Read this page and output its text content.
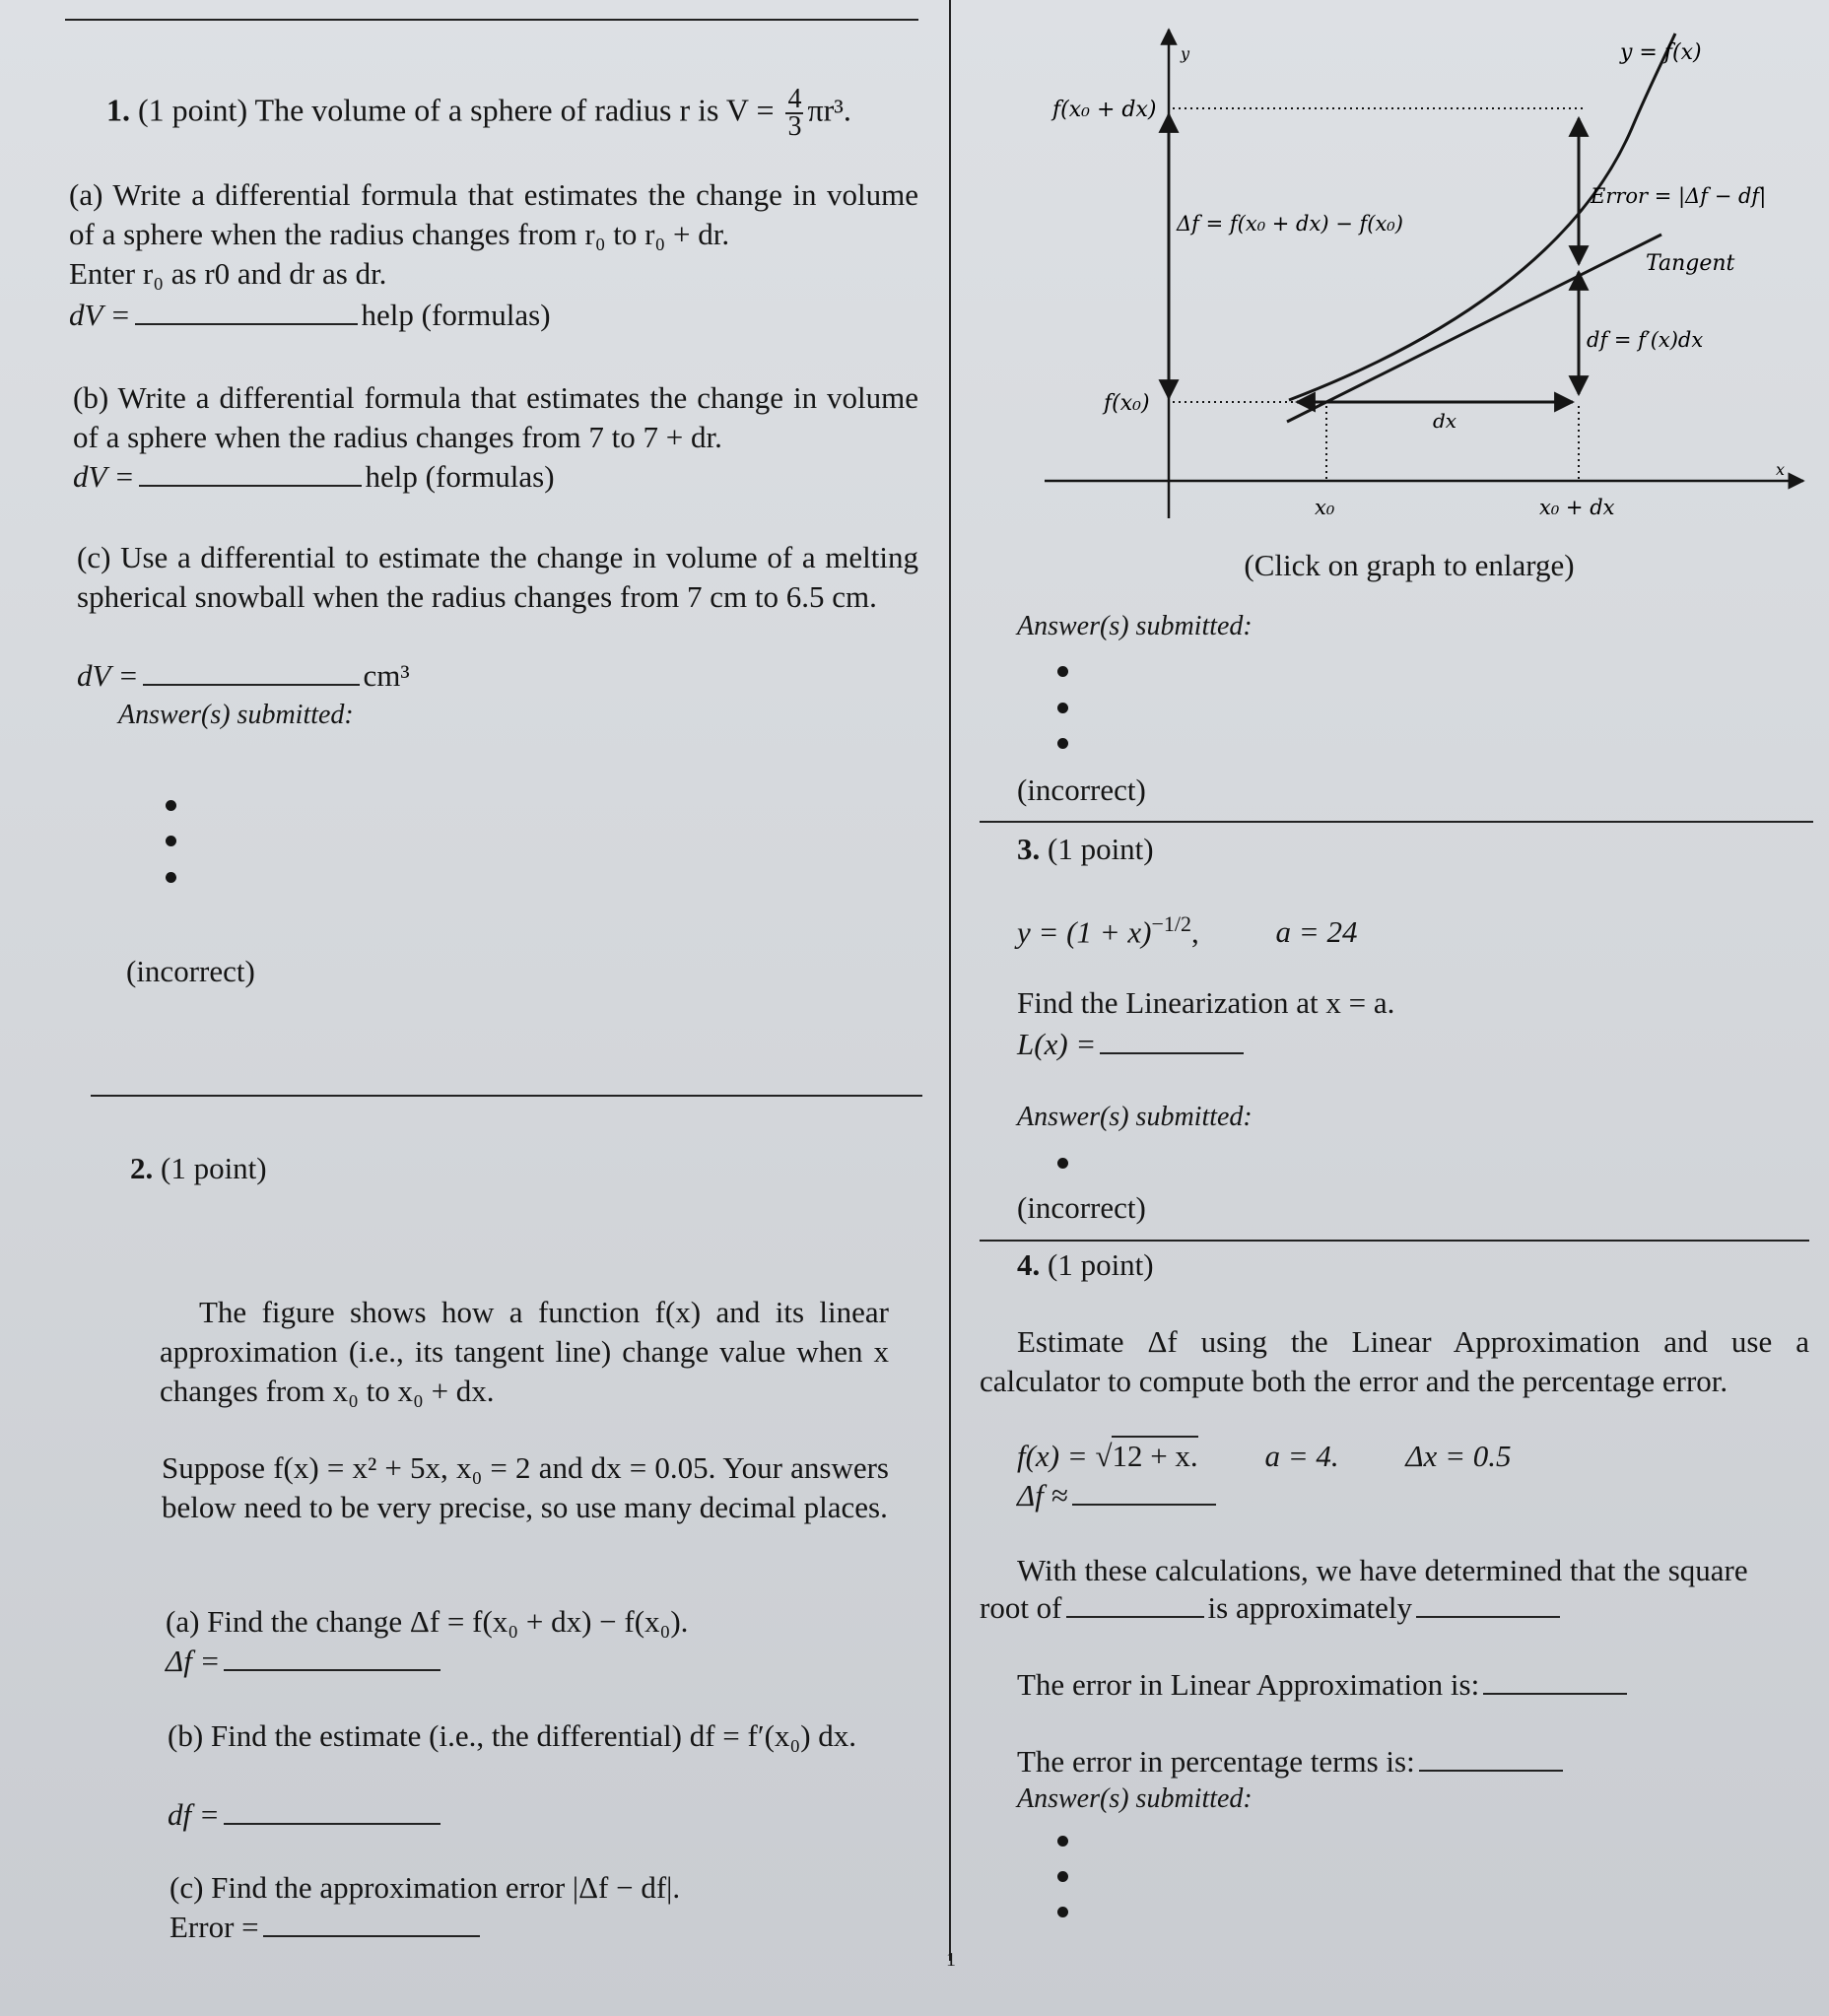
1. (1 point) The volume of a sphere of radius r is $V = \frac{4}{3} \pi r^3$.
(a) Write a differential formula that estimates the change in volume of a sphere when the radius changes from r₀ to r₀ + dr.
Enter r₀ as r0 and dr as dr.
dV =	help (formulas)
(b) Write a differential formula that estimates the change in volume of a sphere when the radius changes from 7 to 7 + dr.
dV =	help (formulas)
(c) Use a differential to estimate the change in volume of a melting spherical snowball when the radius changes from 7 cm to 6.5 cm.
dV =	cm³
Answer(s) submitted:
(incorrect)
2. (1 point)
The figure shows how a function f(x) and its linear approximation (i.e., its tangent line) change value when x changes from x₀ to x₀ + dx.
Suppose f(x) = x² + 5x, x₀ = 2 and dx = 0.05. Your answers below need to be very precise, so use many decimal places.
(a) Find the change Δf = f(x₀ + dx) − f(x₀).
Δf =
(b) Find the estimate (i.e., the differential) df = f′(x₀) dx.
df =
(c) Find the approximation error |Δf − df|.
Error =
1
y
x
y = f(x)
Tangent
f(x₀ + dx)
Δf = f(x₀ + dx) − f(x₀)
Error = |Δf − df|
df = f′(x)dx
f(x₀)
dx
x₀	x₀ + dx
(Click on graph to enlarge)
Answer(s) submitted:
(incorrect)
3. (1 point)
$y = (1 + x)^{-1/2}$,	a = 24
Find the Linearization at x = a.
L(x) =
Answer(s) submitted:
(incorrect)
4. (1 point)
Estimate Δf using the Linear Approximation and use a calculator to compute both the error and the percentage error.
f(x) = √12 + x. a = 4. Δx = 0.5
Δf ≈
With these calculations, we have determined that the square
root of	is approximately
The error in Linear Approximation is:
The error in percentage terms is:
Answer(s) submitted:
